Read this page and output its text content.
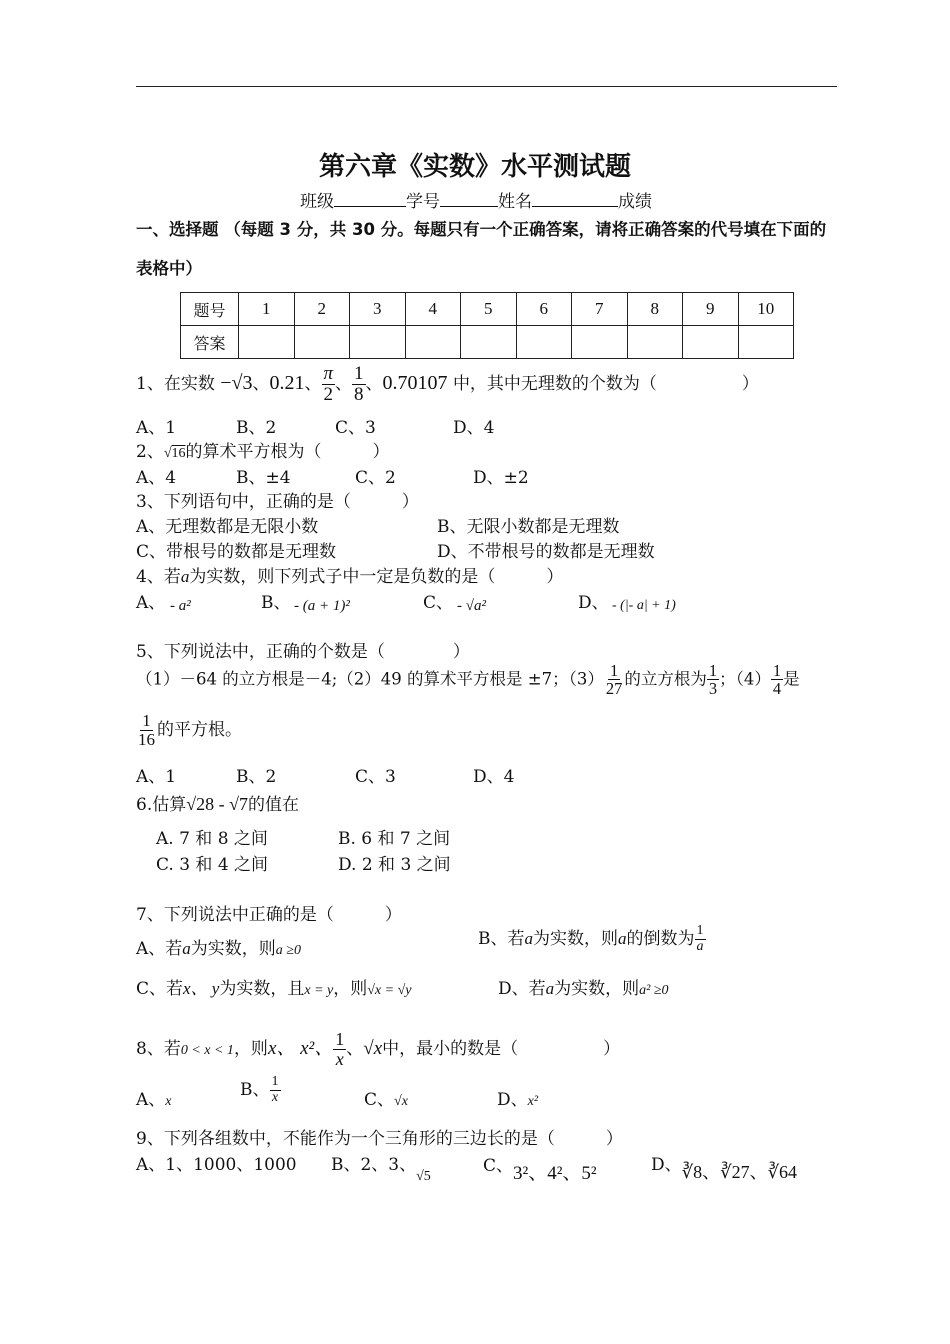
第六章《实数》水平测试题
班级	学号	姓名	成绩
一、选择题 （每题 3 分，共 30 分。每题只有一个正确答案，请将正确答案的代号填在下面的表格中）
题号	1	2	3	4	5	6	7	8	9	10
答案										
1、在实数 −√3、0.21、 $\frac{\pi}{2}$ 、 $\frac{1}{8}$ 、0.70107 中，其中无理数的个数为（　　　　　）
A、1	B、2	C、3	D、4
2、√16的算术平方根为（　　　）
A、4	B、±4	C、2	D、±2
3、下列语句中，正确的是（　　　）
A、无理数都是无限小数	B、无限小数都是无理数
C、带根号的数都是无理数	D、不带根号的数都是无理数
4、若a为实数，则下列式子中一定是负数的是（　　　）
A、 - a²	B、 - (a + 1)²	C、 - √a²	D、 - (|- a| + 1)
5、下列说法中，正确的个数是（　　　　）
（1）－64 的立方根是－4;（2）49 的算术平方根是 ±7；$(3) \frac{1}{27}$ 的立方根为 $\frac{1}{3}$ ；$(4) \frac{1}{4}$ 是
$\frac{1}{16}$ 的平方根。
A、1	B、2	C、3	D、4
6.估算√28 - √7的值在
A. 7 和 8 之间	B. 6 和 7 之间
C. 3 和 4 之间	D. 2 和 3 之间
7、下列说法中正确的是（　　　）
A、若a为实数，则a ≥0
B、若a为实数，则a的倒数为 $\frac{1}{a}$
C、若x、 y为实数，且x = y，则√x = √y	D、若a为实数，则a² ≥0
8、若0 < x < 1，则x、 x²、 $\frac{1}{x}$ 、√x中，最小的数是（　　　　　）
A、x
B、 $\frac{1}{x}$	C、√x	D、x²
9、下列各组数中，不能作为一个三角形的三边长的是（　　　）
A、1、1000、1000 B、2、3、$_{√5}$
C、3²、4²、5²	D、∛8、∛27、∛64
